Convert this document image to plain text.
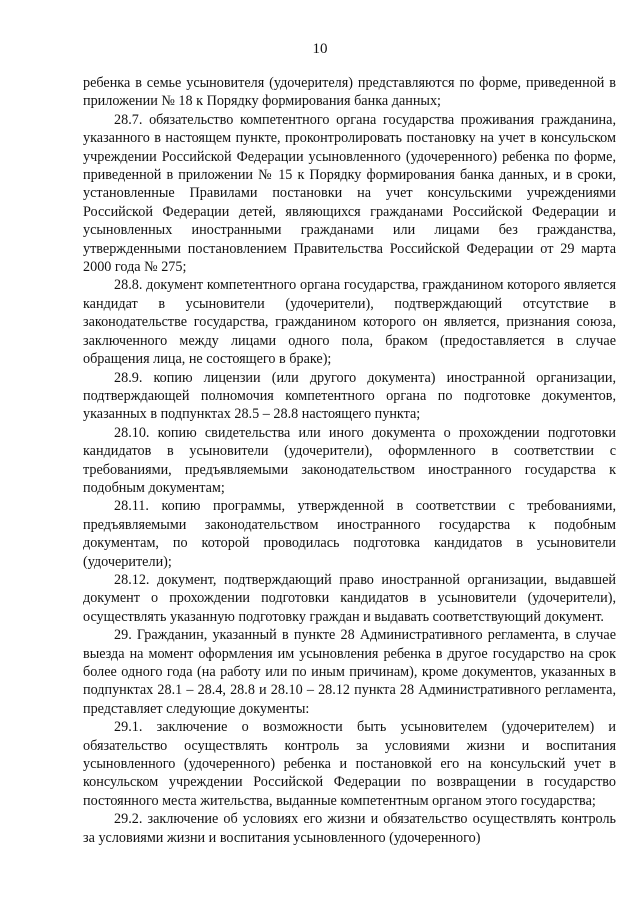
10

ребенка в семье усыновителя (удочерителя) представляются по форме, приведенной в приложении № 18 к Порядку формирования банка данных;

28.7. обязательство компетентного органа государства проживания гражданина, указанного в настоящем пункте, проконтролировать постановку на учет в консульском учреждении Российской Федерации усыновленного (удочеренного) ребенка по форме, приведенной в приложении № 15 к Порядку формирования банка данных, и в сроки, установленные Правилами постановки на учет консульскими учреждениями Российской Федерации детей, являющихся гражданами Российской Федерации и усыновленных иностранными гражданами или лицами без гражданства, утвержденными постановлением Правительства Российской Федерации от 29 марта 2000 года № 275;

28.8. документ компетентного органа государства, гражданином которого является кандидат в усыновители (удочерители), подтверждающий отсутствие в законодательстве государства, гражданином которого он является, признания союза, заключенного между лицами одного пола, браком (предоставляется в случае обращения лица, не состоящего в браке);

28.9. копию лицензии (или другого документа) иностранной организации, подтверждающей полномочия компетентного органа по подготовке документов, указанных в подпунктах 28.5 – 28.8 настоящего пункта;

28.10. копию свидетельства или иного документа о прохождении подготовки кандидатов в усыновители (удочерители), оформленного в соответствии с требованиями, предъявляемыми законодательством иностранного государства к подобным документам;

28.11. копию программы, утвержденной в соответствии с требованиями, предъявляемыми законодательством иностранного государства к подобным документам, по которой проводилась подготовка кандидатов в усыновители (удочерители);

28.12. документ, подтверждающий право иностранной организации, выдавшей документ о прохождении подготовки кандидатов в усыновители (удочерители), осуществлять указанную подготовку граждан и выдавать соответствующий документ.

29. Гражданин, указанный в пункте 28 Административного регламента, в случае выезда на момент оформления им усыновления ребенка в другое государство на срок более одного года (на работу или по иным причинам), кроме документов, указанных в подпунктах 28.1 – 28.4, 28.8 и 28.10 – 28.12 пункта 28 Административного регламента, представляет следующие документы:

29.1. заключение о возможности быть усыновителем (удочерителем) и обязательство осуществлять контроль за условиями жизни и воспитания усыновленного (удочеренного) ребенка и постановкой его на консульский учет в консульском учреждении Российской Федерации по возвращении в государство постоянного места жительства, выданные компетентным органом этого государства;

29.2. заключение об условиях его жизни и обязательство осуществлять контроль за условиями жизни и воспитания усыновленного (удочеренного)
